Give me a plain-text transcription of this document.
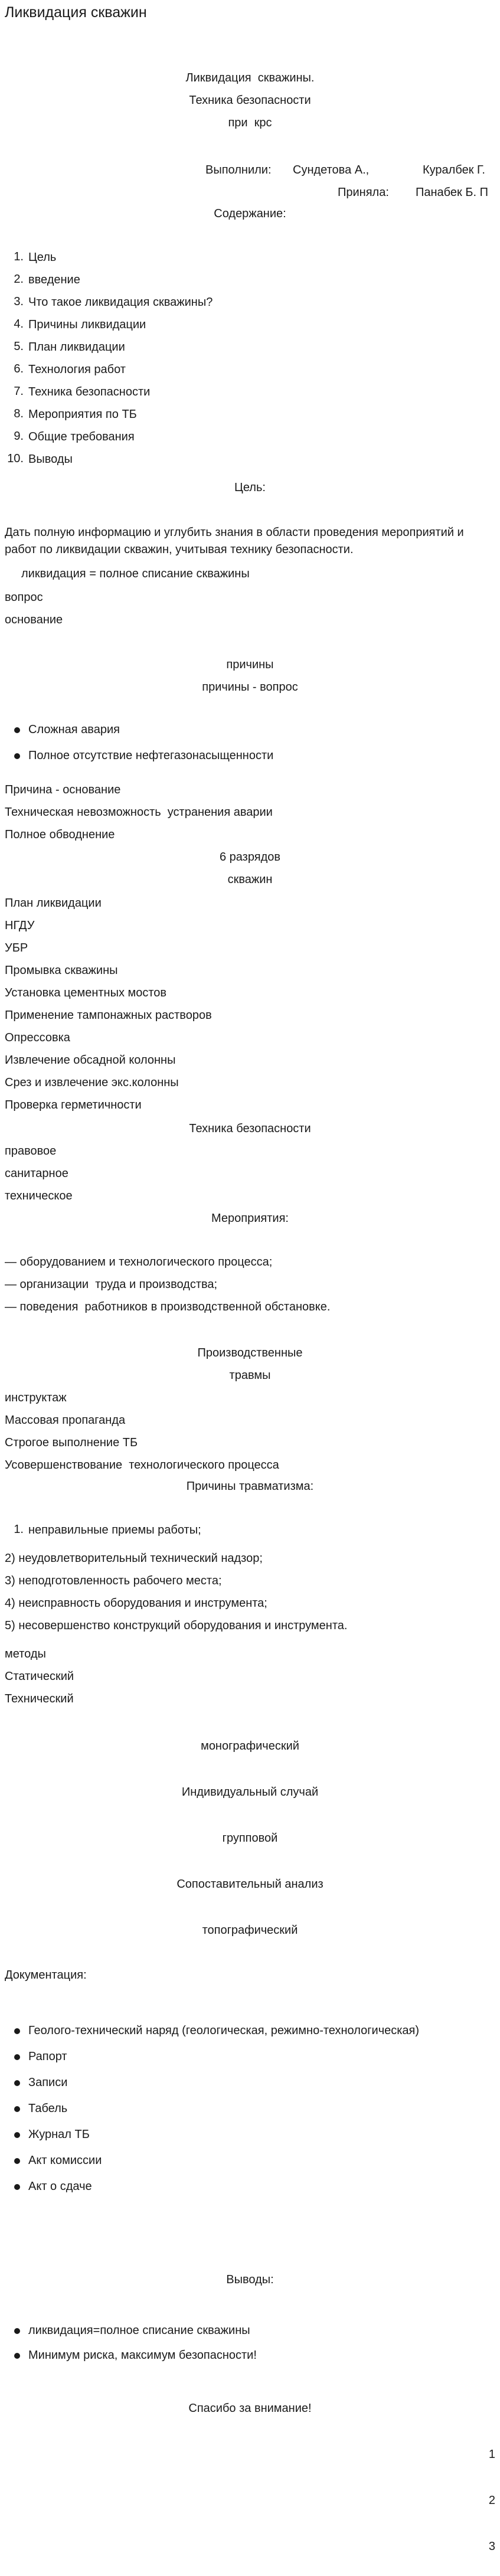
Ликвидация скважин
Ликвидация  скважины.
Техника безопасности
при  крс
Выполнили: Сундетова А.,	Куралбек Г.
Приняла: Панабек Б. П
Содержание:
1. Цель
2. введение
3. Что такое ликвидация скважины?
4. Причины ликвидации
5. План ликвидации
6. Технология работ
7. Техника безопасности
8. Мероприятия по ТБ
9. Общие требования
10. Выводы
Цель:
Дать полную информацию и углубить знания в области проведения мероприятий и работ по ликвидации скважин, учитывая технику безопасности.
ликвидация = полное списание скважины
вопрос
основание
причины
причины - вопрос
Сложная авария
Полное отсутствие нефтегазонасыщенности
Причина - основание
Техническая невозможность  устранения аварии
Полное обводнение
6 разрядов
скважин
План ликвидации
НГДУ
УБР
Промывка скважины
Установка цементных мостов
Применение тампонажных растворов
Опрессовка
Извлечение обсадной колонны
Срез и извлечение экс.колонны
Проверка герметичности
Техника безопасности
правовое
санитарное
техническое
Мероприятия:
— оборудованием и технологического процесса;
— организации  труда и производства;
— поведения  работников в производственной обстановке.
Производственные
травмы
инструктаж
Массовая пропаганда
Строгое выполнение ТБ
Усовершенствование  технологического процесса
Причины травматизма:
1. неправильные приемы работы;
2) неудовлетворительный технический надзор;
3) неподготовленность рабочего места;
4) неисправность оборудования и инструмента;
5) несовершенство конструкций оборудования и инструмента.
методы
Статический
Технический
монографический
Индивидуальный случай
групповой
Сопоставительный анализ
топографический
Документация:
Геолого-технический наряд (геологическая, режимно-технологическая)
Рапорт
Записи
Табель
Журнал ТБ
Акт комиссии
Акт о сдаче
Выводы:
ликвидация=полное списание скважины
Минимум риска, максимум безопасности!
Спасибо за внимание!
1
2
3
